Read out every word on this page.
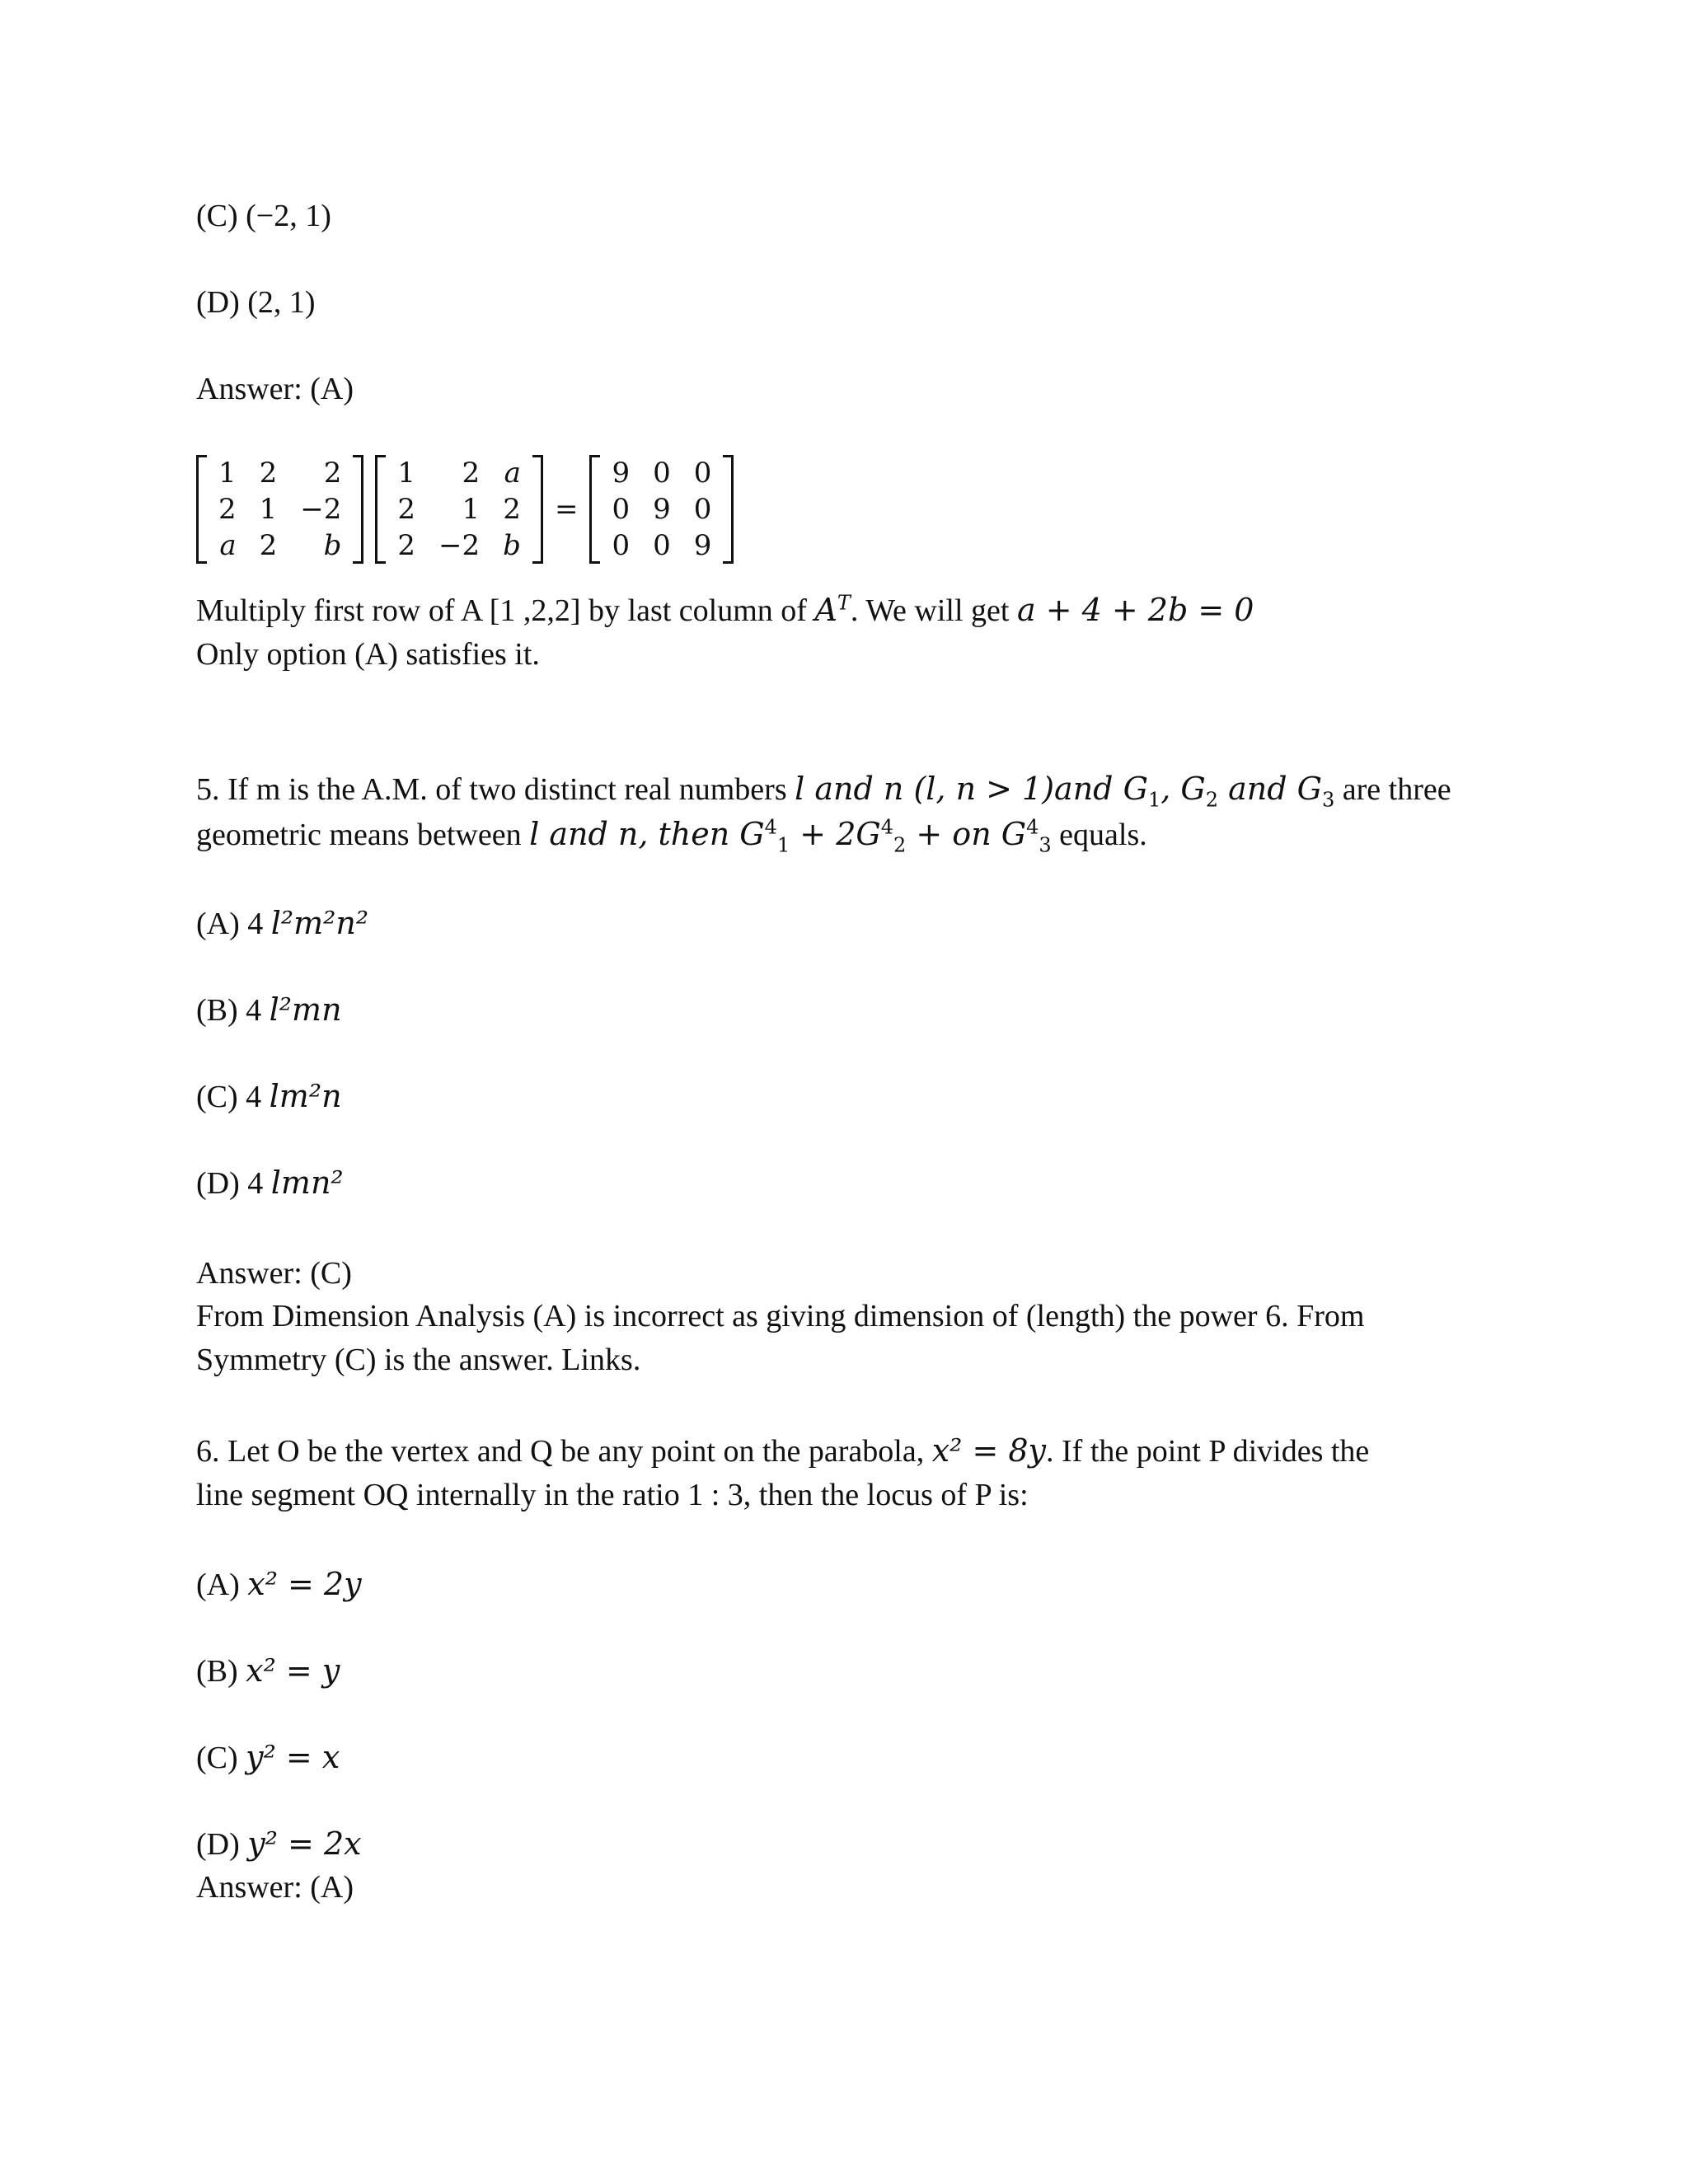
(C) (−2, 1)
(D) (2, 1)
Answer: (A)
1	2	2
2	1	−2
a	2	b
1	2	a
2	1	2
2	−2	b
=
9	0	0
0	9	0
0	0	9
Multiply first row of A [1 ,2,2] by last column of $A^T$. We will get a + 4 + 2b = 0
Only option (A) satisfies it.
5. If m is the A.M. of two distinct real numbers l and n (l, n > 1)and $G_1$, $G_2$ and $G_3$ are three
geometric means between l and n, then $G^4_1 + 2G^4_2$ + on $G^4_3$ equals.
(A) 4 l²m²n²
(B) 4 l²mn
(C) 4 lm²n
(D) 4 lmn²
Answer: (C)
From Dimension Analysis (A) is incorrect as giving dimension of (length) the power 6. From
Symmetry (C) is the answer. Links.
6. Let O be the vertex and Q be any point on the parabola, x² = 8y. If the point P divides the
line segment OQ internally in the ratio 1 : 3, then the locus of P is:
(A) x² = 2y
(B) x² = y
(C) y² = x
(D) y² = 2x
Answer: (A)
